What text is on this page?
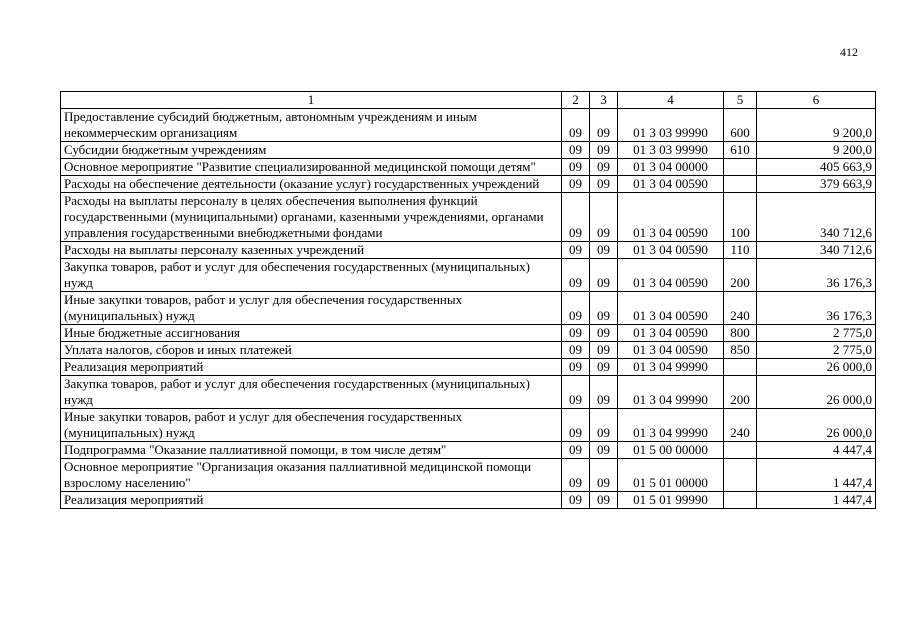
412
1	2	3	4	5	6
Предоставление субсидий бюджетным, автономным учреждениям и иным некоммерческим организациям	09	09	01 3 03 99990	600	9 200,0
Субсидии бюджетным учреждениям	09	09	01 3 03 99990	610	9 200,0
Основное мероприятие "Развитие специализированной медицинской помощи детям"	09	09	01 3 04 00000		405 663,9
Расходы на обеспечение деятельности (оказание услуг) государственных учреждений	09	09	01 3 04 00590		379 663,9
Расходы на выплаты персоналу в целях обеспечения выполнения функций государственными (муниципальными) органами, казенными учреждениями, органами управления государственными внебюджетными фондами	09	09	01 3 04 00590	100	340 712,6
Расходы на выплаты персоналу казенных учреждений	09	09	01 3 04 00590	110	340 712,6
Закупка товаров, работ и услуг для обеспечения государственных (муниципальных) нужд	09	09	01 3 04 00590	200	36 176,3
Иные закупки товаров, работ и услуг для обеспечения государственных (муниципальных) нужд	09	09	01 3 04 00590	240	36 176,3
Иные бюджетные ассигнования	09	09	01 3 04 00590	800	2 775,0
Уплата налогов, сборов и иных платежей	09	09	01 3 04 00590	850	2 775,0
Реализация мероприятий	09	09	01 3 04 99990		26 000,0
Закупка товаров, работ и услуг для обеспечения государственных (муниципальных) нужд	09	09	01 3 04 99990	200	26 000,0
Иные закупки товаров, работ и услуг для обеспечения государственных (муниципальных) нужд	09	09	01 3 04 99990	240	26 000,0
Подпрограмма "Оказание паллиативной помощи, в том числе детям"	09	09	01 5 00 00000		4 447,4
Основное мероприятие "Организация оказания паллиативной медицинской помощи взрослому населению"	09	09	01 5 01 00000		1 447,4
Реализация мероприятий	09	09	01 5 01 99990		1 447,4
